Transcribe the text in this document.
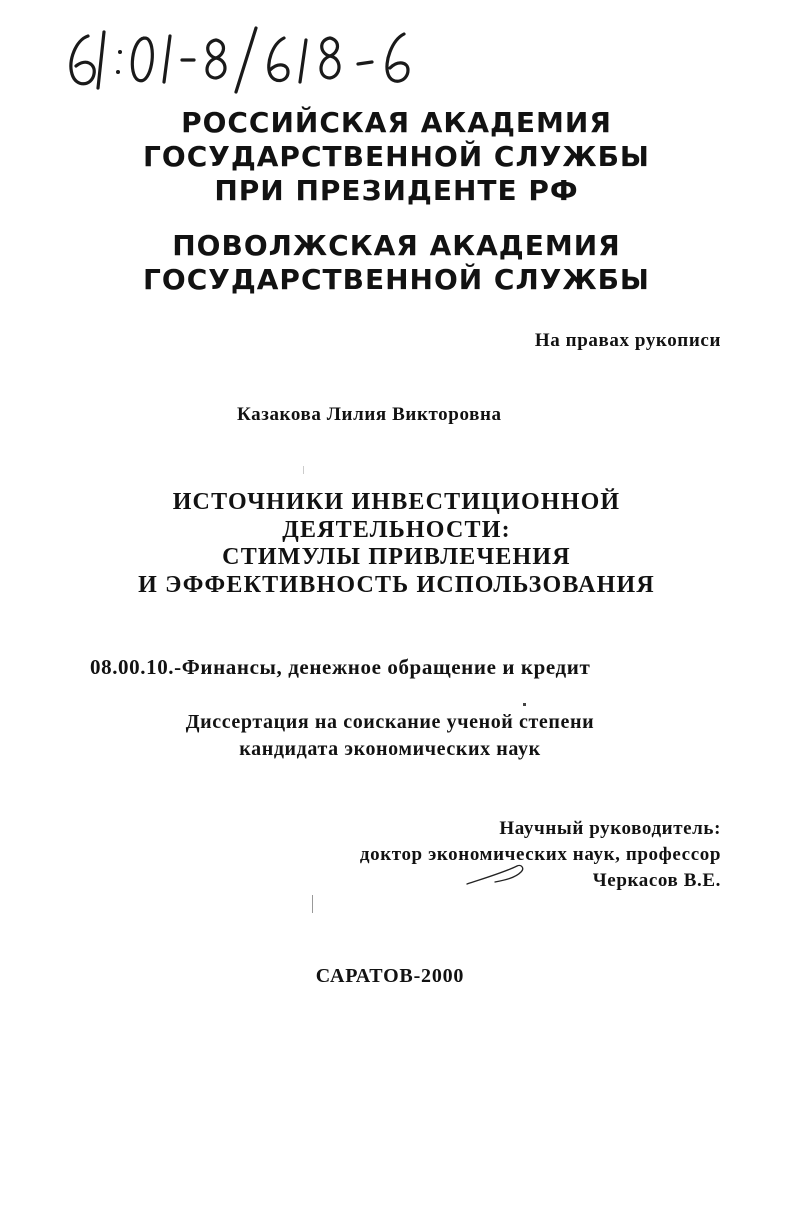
РОССИЙСКАЯ АКАДЕМИЯ
ГОСУДАРСТВЕННОЙ СЛУЖБЫ
ПРИ ПРЕЗИДЕНТЕ РФ
ПОВОЛЖСКАЯ АКАДЕМИЯ
ГОСУДАРСТВЕННОЙ СЛУЖБЫ
На правах рукописи
Казакова Лилия Викторовна
ИСТОЧНИКИ ИНВЕСТИЦИОННОЙ
ДЕЯТЕЛЬНОСТИ:
СТИМУЛЫ ПРИВЛЕЧЕНИЯ
И ЭФФЕКТИВНОСТЬ ИСПОЛЬЗОВАНИЯ
08.00.10.-Финансы, денежное обращение и кредит
Диссертация на соискание ученой степени
кандидата экономических наук
Научный руководитель:
доктор экономических наук, профессор
Черкасов В.Е.
САРАТОВ-2000
